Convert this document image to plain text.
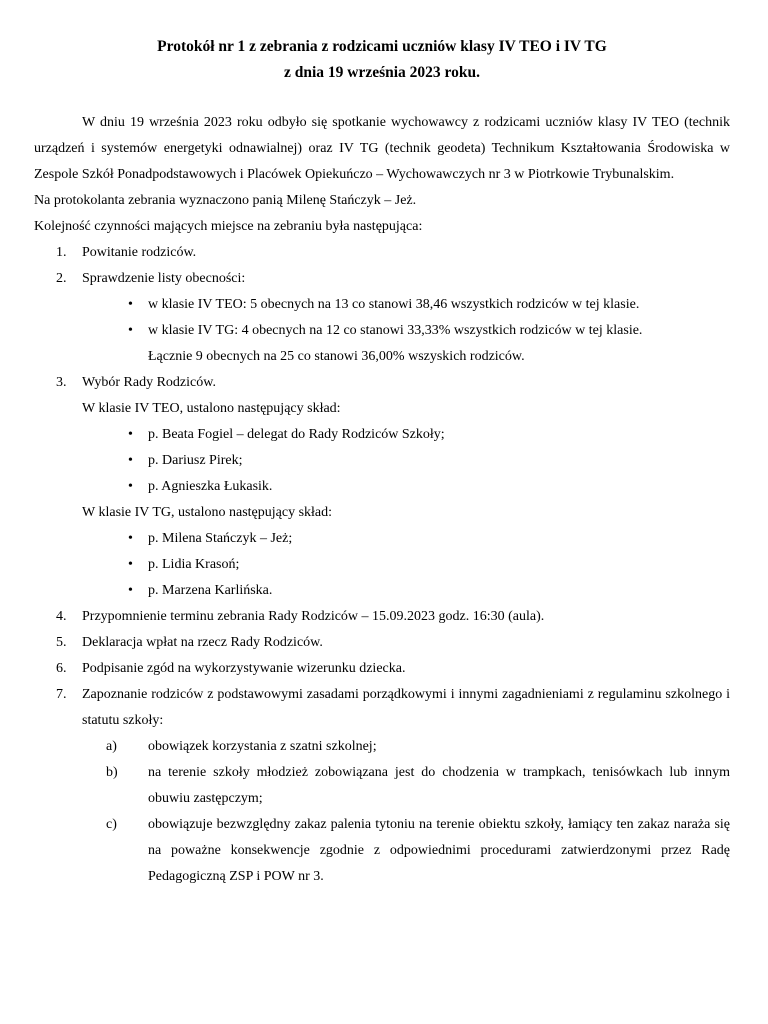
Protokół nr 1 z zebrania z rodzicami uczniów klasy IV TEO i IV TG

z dnia 19 września 2023 roku.

W dniu 19 września 2023 roku odbyło się spotkanie wychowawcy z rodzicami uczniów klasy IV TEO (technik urządzeń i systemów energetyki odnawialnej) oraz IV TG (technik geodeta) Technikum Kształtowania Środowiska w Zespole Szkół Ponadpodstawowych i Placówek Opiekuńczo – Wychowawczych nr 3 w Piotrkowie Trybunalskim.

Na protokolanta zebrania wyznaczono panią Milenę Stańczyk – Jeż.

Kolejność czynności mających miejsce na zebraniu była następująca:

1. Powitanie rodziców.
2. Sprawdzenie listy obecności:
• w klasie IV TEO: 5 obecnych na 13 co stanowi 38,46 wszystkich rodziców w tej klasie.
• w klasie IV TG: 4 obecnych na 12 co stanowi 33,33% wszystkich rodziców w tej klasie.
Łącznie 9 obecnych na 25 co stanowi 36,00% wszyskich rodziców.
3. Wybór Rady Rodziców.
W klasie IV TEO, ustalono następujący skład:
• p. Beata Fogiel – delegat do Rady Rodziców Szkoły;
• p. Dariusz Pirek;
• p. Agnieszka Łukasik.
W klasie IV TG, ustalono następujący skład:
• p. Milena Stańczyk – Jeż;
• p. Lidia Krasoń;
• p. Marzena Karlińska.
4. Przypomnienie terminu zebrania Rady Rodziców – 15.09.2023 godz. 16:30 (aula).
5. Deklaracja wpłat na rzecz Rady Rodziców.
6. Podpisanie zgód na wykorzystywanie wizerunku dziecka.
7. Zapoznanie rodziców z podstawowymi zasadami porządkowymi i innymi zagadnieniami z regulaminu szkolnego i statutu szkoły:
a) obowiązek korzystania z szatni szkolnej;
b) na terenie szkoły młodzież zobowiązana jest do chodzenia w trampkach, tenisówkach lub innym obuwiu zastępczym;
c) obowiązuje bezwzględny zakaz palenia tytoniu na terenie obiektu szkoły, łamiący ten zakaz naraża się na poważne konsekwencje zgodnie z odpowiednimi procedurami zatwierdzonymi przez Radę Pedagogiczną ZSP i POW nr 3.
